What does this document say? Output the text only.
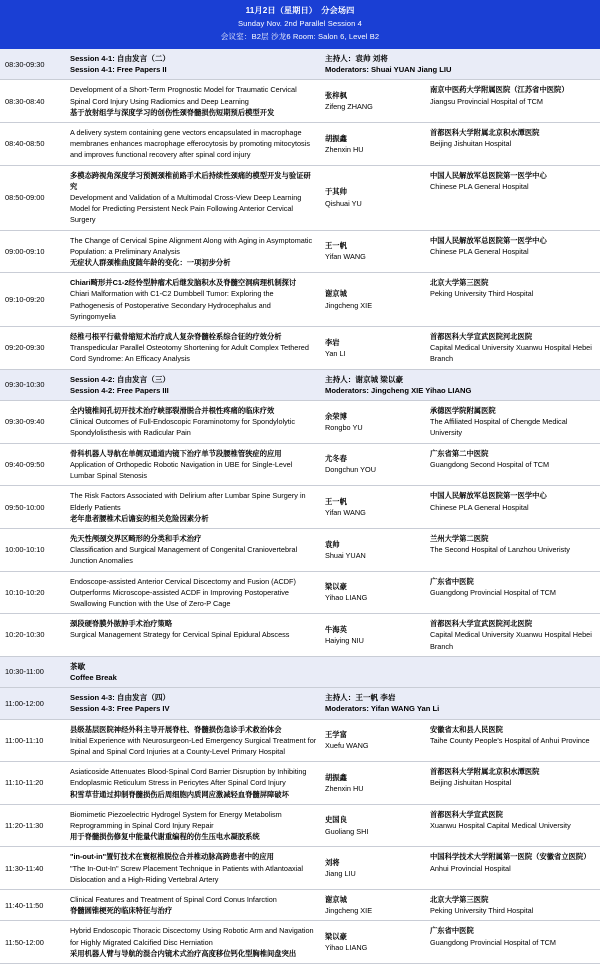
11月2日（星期日）　分会场四
Sunday Nov. 2nd Parallel Session 4
会议室：B2层 沙龙6 Room: Salon 6, Level B2
08:30-09:30
Session 4-1: 自由发言（二）
Session 4-1: Free Papers II
主持人：袁帅 刘将
Moderators: Shuai YUAN Jiang LIU
08:30-08:40
Development of a Short-Term Prognostic Model for Traumatic Cervical Spinal Cord Injury Using Radiomics and Deep Learning
基于放射组学与深度学习的创伤性颈脊髓损伤短期预后模型开发
张梓枫
Zifeng ZHANG
南京中医药大学附属医院（江苏省中医院）
Jiangsu Provincial Hospital of TCM
08:40-08:50
A delivery system containing gene vectors encapsulated in macrophage membranes enhances macrophage efferocytosis by promoting mitocytosis and improves functional recovery after spinal cord injury
胡振鑫
Zhenxin HU
首都医科大学附属北京积水潭医院
Beijing Jishuitan Hospital
08:50-09:00
多模态跨视角深度学习预测颈椎前路手术后持续性颈痛的模型开发与验证研究
Development and Validation of a Multimodal Cross-View Deep Learning Model for Predicting Persistent Neck Pain Following Anterior Cervical Surgery
于其帅
Qishuai YU
中国人民解放军总医院第一医学中心
Chinese PLA General Hospital
09:00-09:10
The Change of Cervical Spine Alignment Along with Aging in Asymptomatic Population: a Preliminary Analysis
无症状人群颈椎曲度随年龄的变化：一项初步分析
王一帆
Yifan WANG
中国人民解放军总医院第一医学中心
Chinese PLA General Hospital
09:10-09:20
Chiari畸形并C1-2经怜型肿瘤术后继发脑积水及脊髓空洞病理机制探讨
Chiari Malformation with C1-C2 Dumbbell Tumor: Exploring the Pathogenesis of Postoperative Secondary Hydrocephalus and Syringomyelia
谢京城
Jingcheng XIE
北京大学第三医院
Peking University Third Hospital
09:20-09:30
经椎弓根平行截骨缩短术治疗成人复杂脊髓栓系综合征的疗效分析
Transpedicular Parallel Osteotomy Shortening for Adult Complex Tethered Cord Syndrome: An Efficacy Analysis
李岩
Yan LI
首都医科大学宣武医院河北医院
Capital Medical University Xuanwu Hospital Hebei Branch
09:30-10:30
Session 4-2: 自由发言（三）
Session 4-2: Free Papers III
主持人：谢京城 梁以豪
Moderators: Jingcheng XIE Yihao LIANG
09:30-09:40
全内镜椎间孔切开技术治疗峡部裂滑脱合并根性疼痛的临床疗效
Clinical Outcomes of Full-Endoscopic Foraminotomy for Spondylolytic Spondylolisthesis with Radicular Pain
余荣博
Rongbo YU
承德医学院附属医院
The Affiliated Hospital of Chengde Medical University
09:40-09:50
骨科机器人导航在单侧双通道内镜下治疗单节段腰椎管狭症的应用
Application of Orthopedic Robotic Navigation in UBE for Single-Level Lumbar Spinal Stenosis
尤冬春
Dongchun YOU
广东省第二中医院
Guangdong Second Hospital of TCM
09:50-10:00
The Risk Factors Associated with Delirium after Lumbar Spine Surgery in Elderly Patients
老年患者腰椎术后谵妄的相关危险因素分析
王一帆
Yifan WANG
中国人民解放军总医院第一医学中心
Chinese PLA General Hospital
10:00-10:10
先天性颅颈交界区畸形的分类和手术治疗
Classification and Surgical Management of Congenital Craniovertebral Junction Anomalies
袁帅
Shuai YUAN
兰州大学第二医院
The Second Hospital of Lanzhou Univeristy
10:10-10:20
Endoscope-assisted Anterior Cervical Discectomy and Fusion (ACDF) Outperforms Microscope-assisted ACDF in Improving Postoperative Swallowing Function with the Use of Zero-P Cage
梁以豪
Yihao LIANG
广东省中医院
Guangdong Provincial Hospital of TCM
10:20-10:30
颈段硬脊膜外脓肿手术治疗策略
Surgical Management Strategy for Cervical Spinal Epidural Abscess
牛海英
Haiying NIU
首都医科大学宣武医院河北医院
Capital Medical University Xuanwu Hospital Hebei Branch
10:30-11:00
茶歇
Coffee Break
11:00-12:00
Session 4-3: 自由发言（四）
Session 4-3: Free Papers IV
主持人：王一帆 李岩
Moderators: Yifan WANG Yan Li
11:00-11:10
县级基层医院神经外科主导开展脊柱、脊髓损伤急诊手术救治体会
Initial Experience with Neurosurgeon-Led Emergency Surgical Treatment for Spinal and Spinal Cord Injuries at a County-Level Primary Hospital
王学富
Xuefu WANG
安徽省太和县人民医院
Taihe County People's Hospital of Anhui Province
11:10-11:20
Asiaticoside Attenuates Blood-Spinal Cord Barrier Disruption by Inhibiting Endoplasmic Reticulum Stress in Pericytes After Spinal Cord Injury
积雪草苷通过抑制脊髓损伤后周细胞内质网应激减轻血脊髓屏障破坏
胡振鑫
Zhenxin HU
首都医科大学附属北京积水潭医院
Beijing Jishuitan Hospital
11:20-11:30
Biomimetic Piezoelectric Hydrogel System for Energy Metabolism Reprogramming in Spinal Cord Injury Repair
用于脊髓损伤修复中能量代谢重编程的仿生压电水凝胶系统
史国良
Guoliang SHI
首都医科大学宣武医院
Xuanwu Hospital Capital Medical University
11:30-11:40
"in-out-in"置钉技术在寰枢椎脱位合并椎动脉高跨患者中的应用
"The In-Out-In" Screw Placement Technique in Patients with Atlantoaxial Dislocation and a High-Riding Vertebral Artery
刘将
Jiang LIU
中国科学技术大学附属第一医院（安徽省立医院）
Anhui Provincial Hospital
11:40-11:50
Clinical Features and Treatment of Spinal Cord Conus Infarction
脊髓圆锥梗死的临床特征与治疗
谢京城
Jingcheng XIE
北京大学第三医院
Peking University Third Hospital
11:50-12:00
Hybrid Endoscopic Thoracic Discectomy Using Robotic Arm and Navigation for Highly Migrated Calcified Disc Herniation
采用机器人臂与导航的混合内镜术式治疗高度移位钙化型胸椎间盘突出
梁以豪
Yihao LIANG
广东省中医院
Guangdong Provincial Hospital of TCM
